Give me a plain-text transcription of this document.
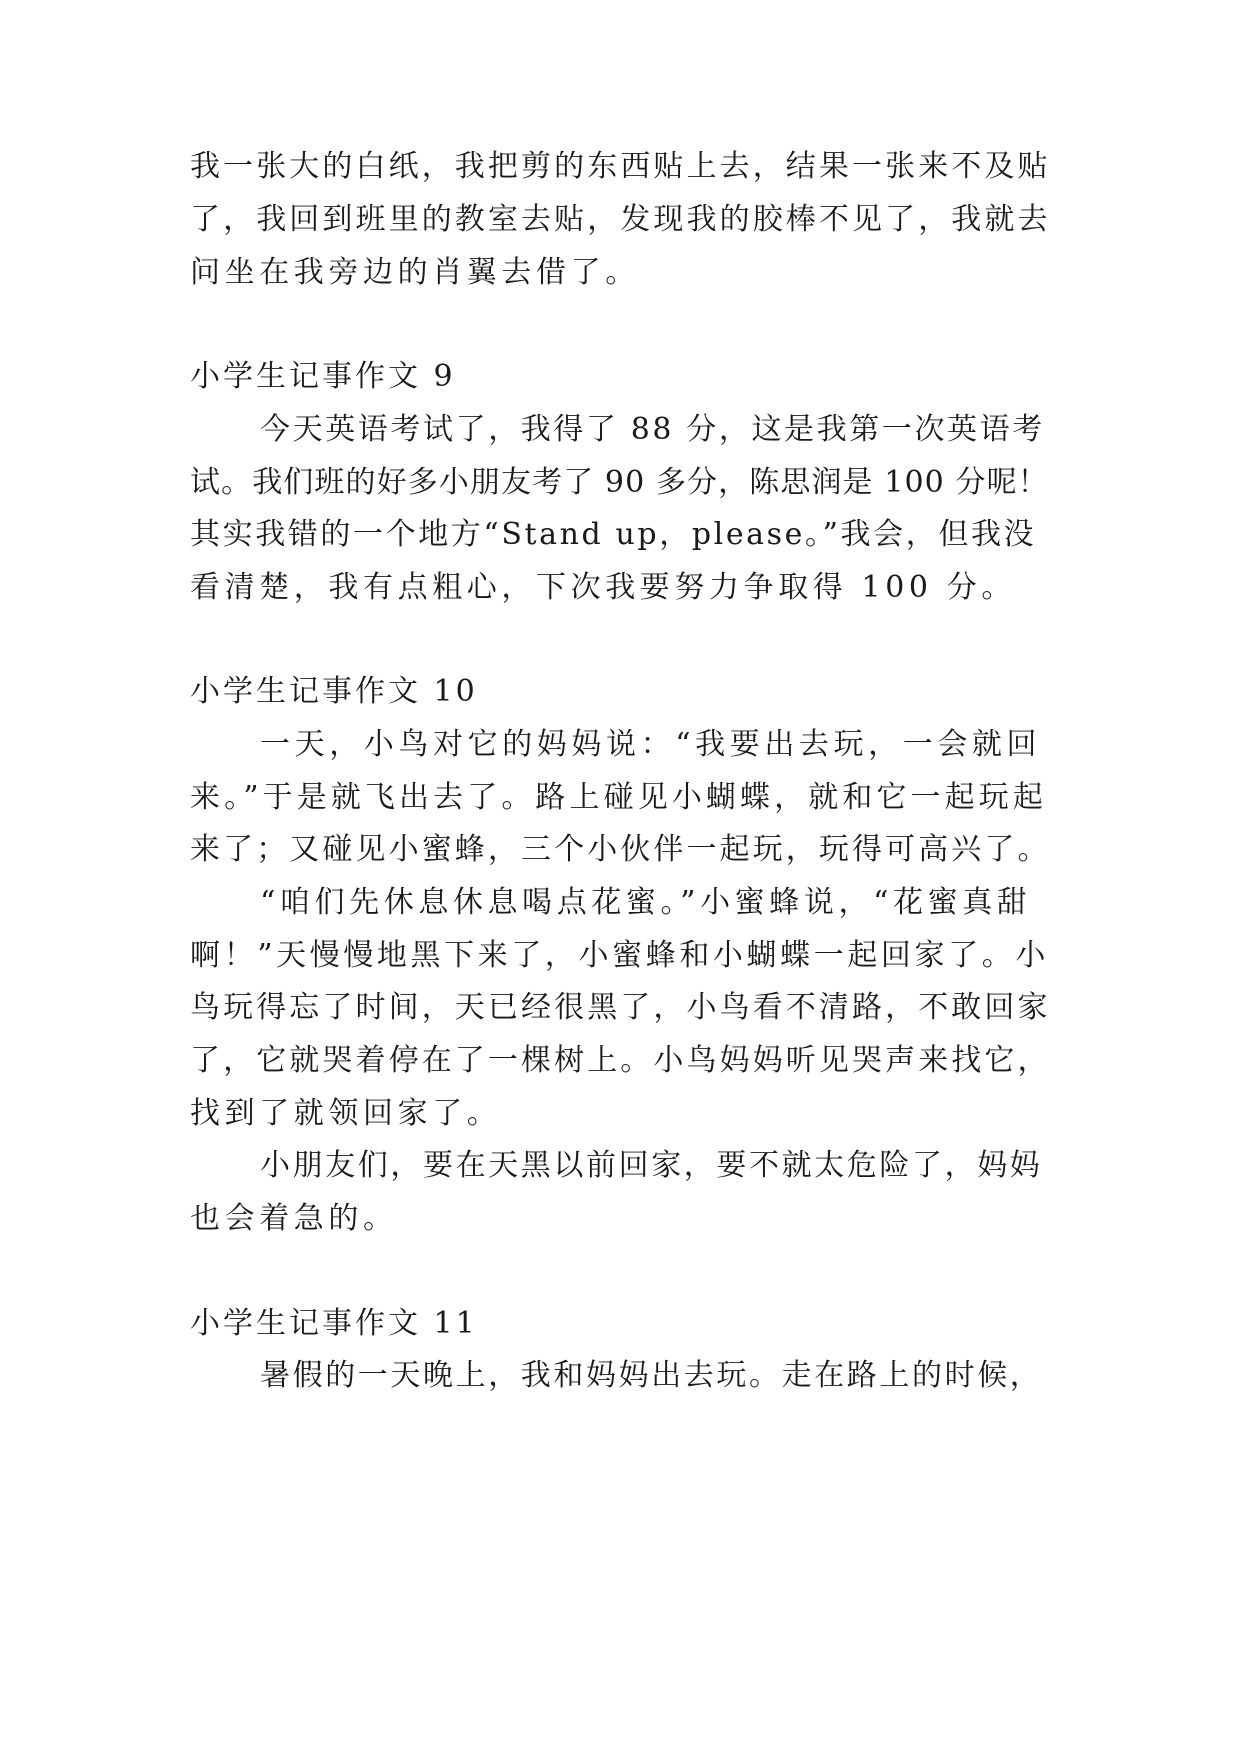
我一张大的白纸，我把剪的东西贴上去，结果一张来不及贴
了，我回到班里的教室去贴，发现我的胶棒不见了，我就去
问坐在我旁边的肖翼去借了。
小学生记事作文 9
今天英语考试了，我得了 88 分，这是我第一次英语考
试。我们班的好多小朋友考了 90 多分，陈思润是 100 分呢！
其实我错的一个地方“Stand up，please。”我会，但我没
看清楚，我有点粗心，下次我要努力争取得 100 分。
小学生记事作文 10
一天，小鸟对它的妈妈说：“我要出去玩，一会就回
来。”于是就飞出去了。路上碰见小蝴蝶，就和它一起玩起
来了；又碰见小蜜蜂，三个小伙伴一起玩，玩得可高兴了。
“咱们先休息休息喝点花蜜。”小蜜蜂说，“花蜜真甜
啊！”天慢慢地黑下来了，小蜜蜂和小蝴蝶一起回家了。小
鸟玩得忘了时间，天已经很黑了，小鸟看不清路，不敢回家
了，它就哭着停在了一棵树上。小鸟妈妈听见哭声来找它，
找到了就领回家了。
小朋友们，要在天黑以前回家，要不就太危险了，妈妈
也会着急的。
小学生记事作文 11
暑假的一天晚上，我和妈妈出去玩。走在路上的时候，
